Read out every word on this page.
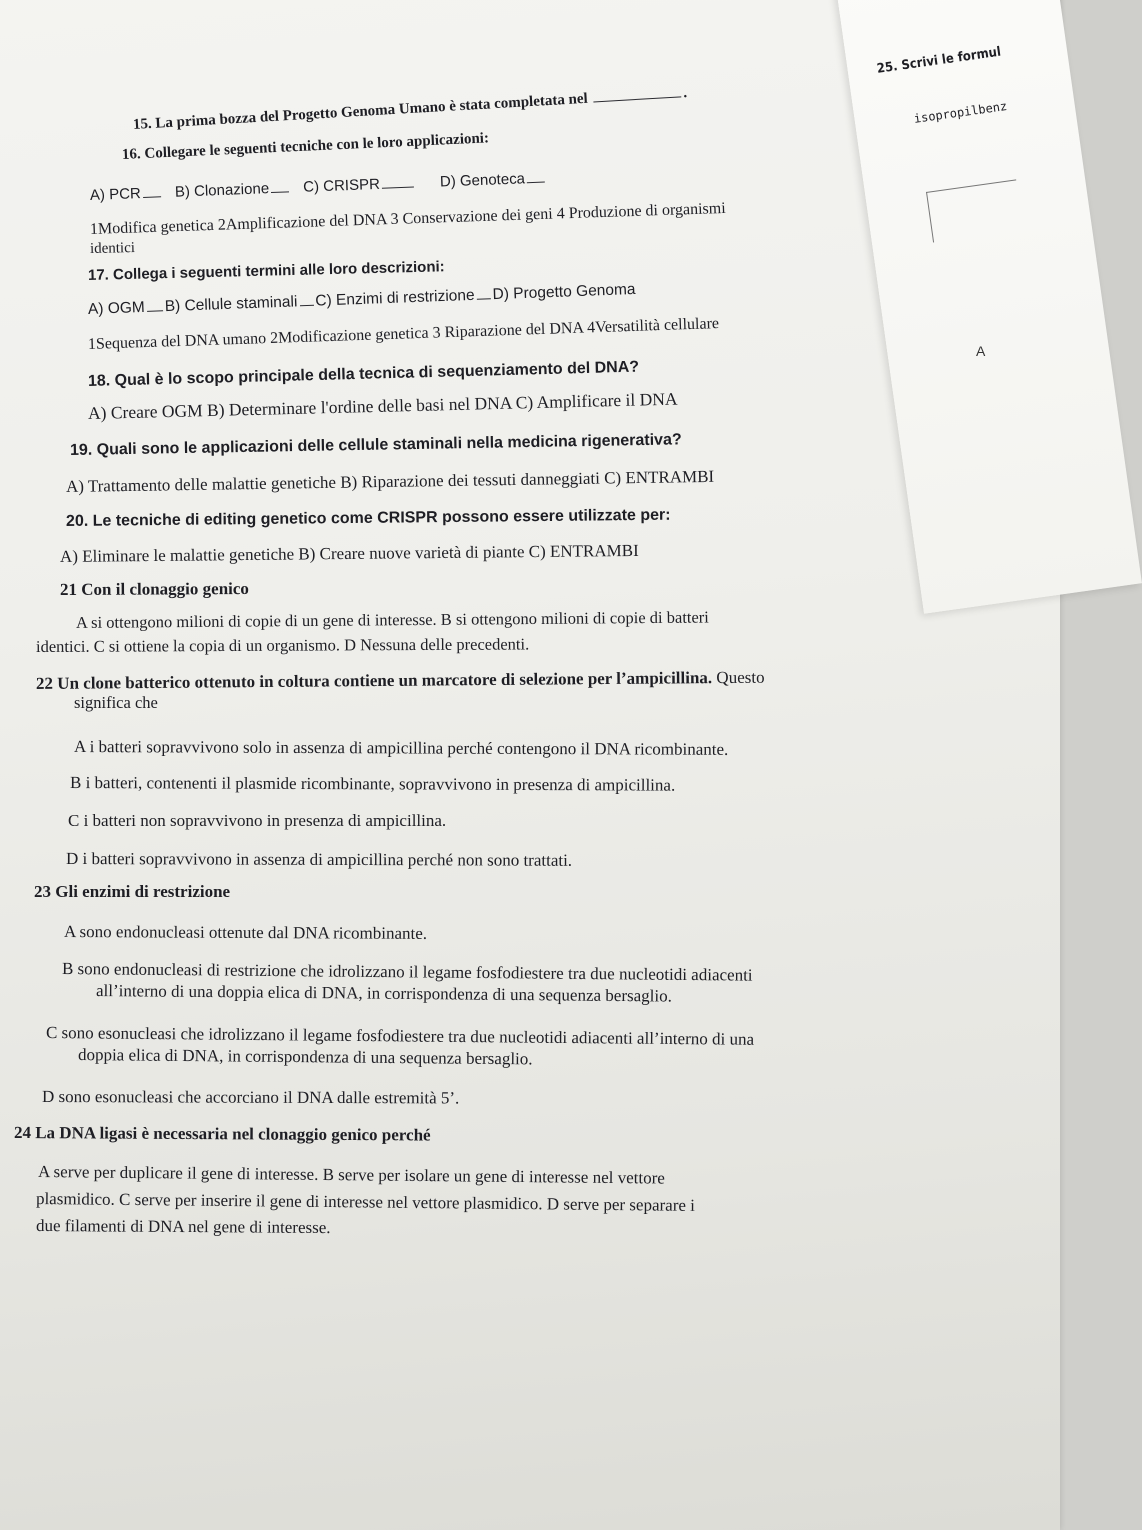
25. Scrivi le formul
isopropilbenz
A
15. La prima bozza del Progetto Genoma Umano è stata completata nel	.
16. Collegare le seguenti tecniche con le loro applicazioni:
A) PCR B) Clonazione C) CRISPR	D) Genoteca
1Modifica genetica 2Amplificazione del DNA 3 Conservazione dei geni 4 Produzione di organismi
identici
17. Collega i seguenti termini alle loro descrizioni:
A) OGM B) Cellule staminali C) Enzimi di restrizione D) Progetto Genoma
1Sequenza del DNA umano 2Modificazione genetica 3 Riparazione del DNA 4Versatilità cellulare
18. Qual è lo scopo principale della tecnica di sequenziamento del DNA?
A) Creare OGM B) Determinare l'ordine delle basi nel DNA C) Amplificare il DNA
19. Quali sono le applicazioni delle cellule staminali nella medicina rigenerativa?
A) Trattamento delle malattie genetiche B) Riparazione dei tessuti danneggiati C) ENTRAMBI
20. Le tecniche di editing genetico come CRISPR possono essere utilizzate per:
A) Eliminare le malattie genetiche B) Creare nuove varietà di piante C) ENTRAMBI
21 Con il clonaggio genico
A si ottengono milioni di copie di un gene di interesse. B si ottengono milioni di copie di batteri
identici. C si ottiene la copia di un organismo. D Nessuna delle precedenti.
22 Un clone batterico ottenuto in coltura contiene un marcatore di selezione per l’ampicillina. Questo
significa che
A i batteri sopravvivono solo in assenza di ampicillina perché contengono il DNA ricombinante.
B i batteri, contenenti il plasmide ricombinante, sopravvivono in presenza di ampicillina.
C i batteri non sopravvivono in presenza di ampicillina.
D i batteri sopravvivono in assenza di ampicillina perché non sono trattati.
23 Gli enzimi di restrizione
A sono endonucleasi ottenute dal DNA ricombinante.
B sono endonucleasi di restrizione che idrolizzano il legame fosfodiestere tra due nucleotidi adiacenti
all’interno di una doppia elica di DNA, in corrispondenza di una sequenza bersaglio.
C sono esonucleasi che idrolizzano il legame fosfodiestere tra due nucleotidi adiacenti all’interno di una
doppia elica di DNA, in corrispondenza di una sequenza bersaglio.
D sono esonucleasi che accorciano il DNA dalle estremità 5’.
24 La DNA ligasi è necessaria nel clonaggio genico perché
A serve per duplicare il gene di interesse. B serve per isolare un gene di interesse nel vettore
plasmidico. C serve per inserire il gene di interesse nel vettore plasmidico. D serve per separare i
due filamenti di DNA nel gene di interesse.
